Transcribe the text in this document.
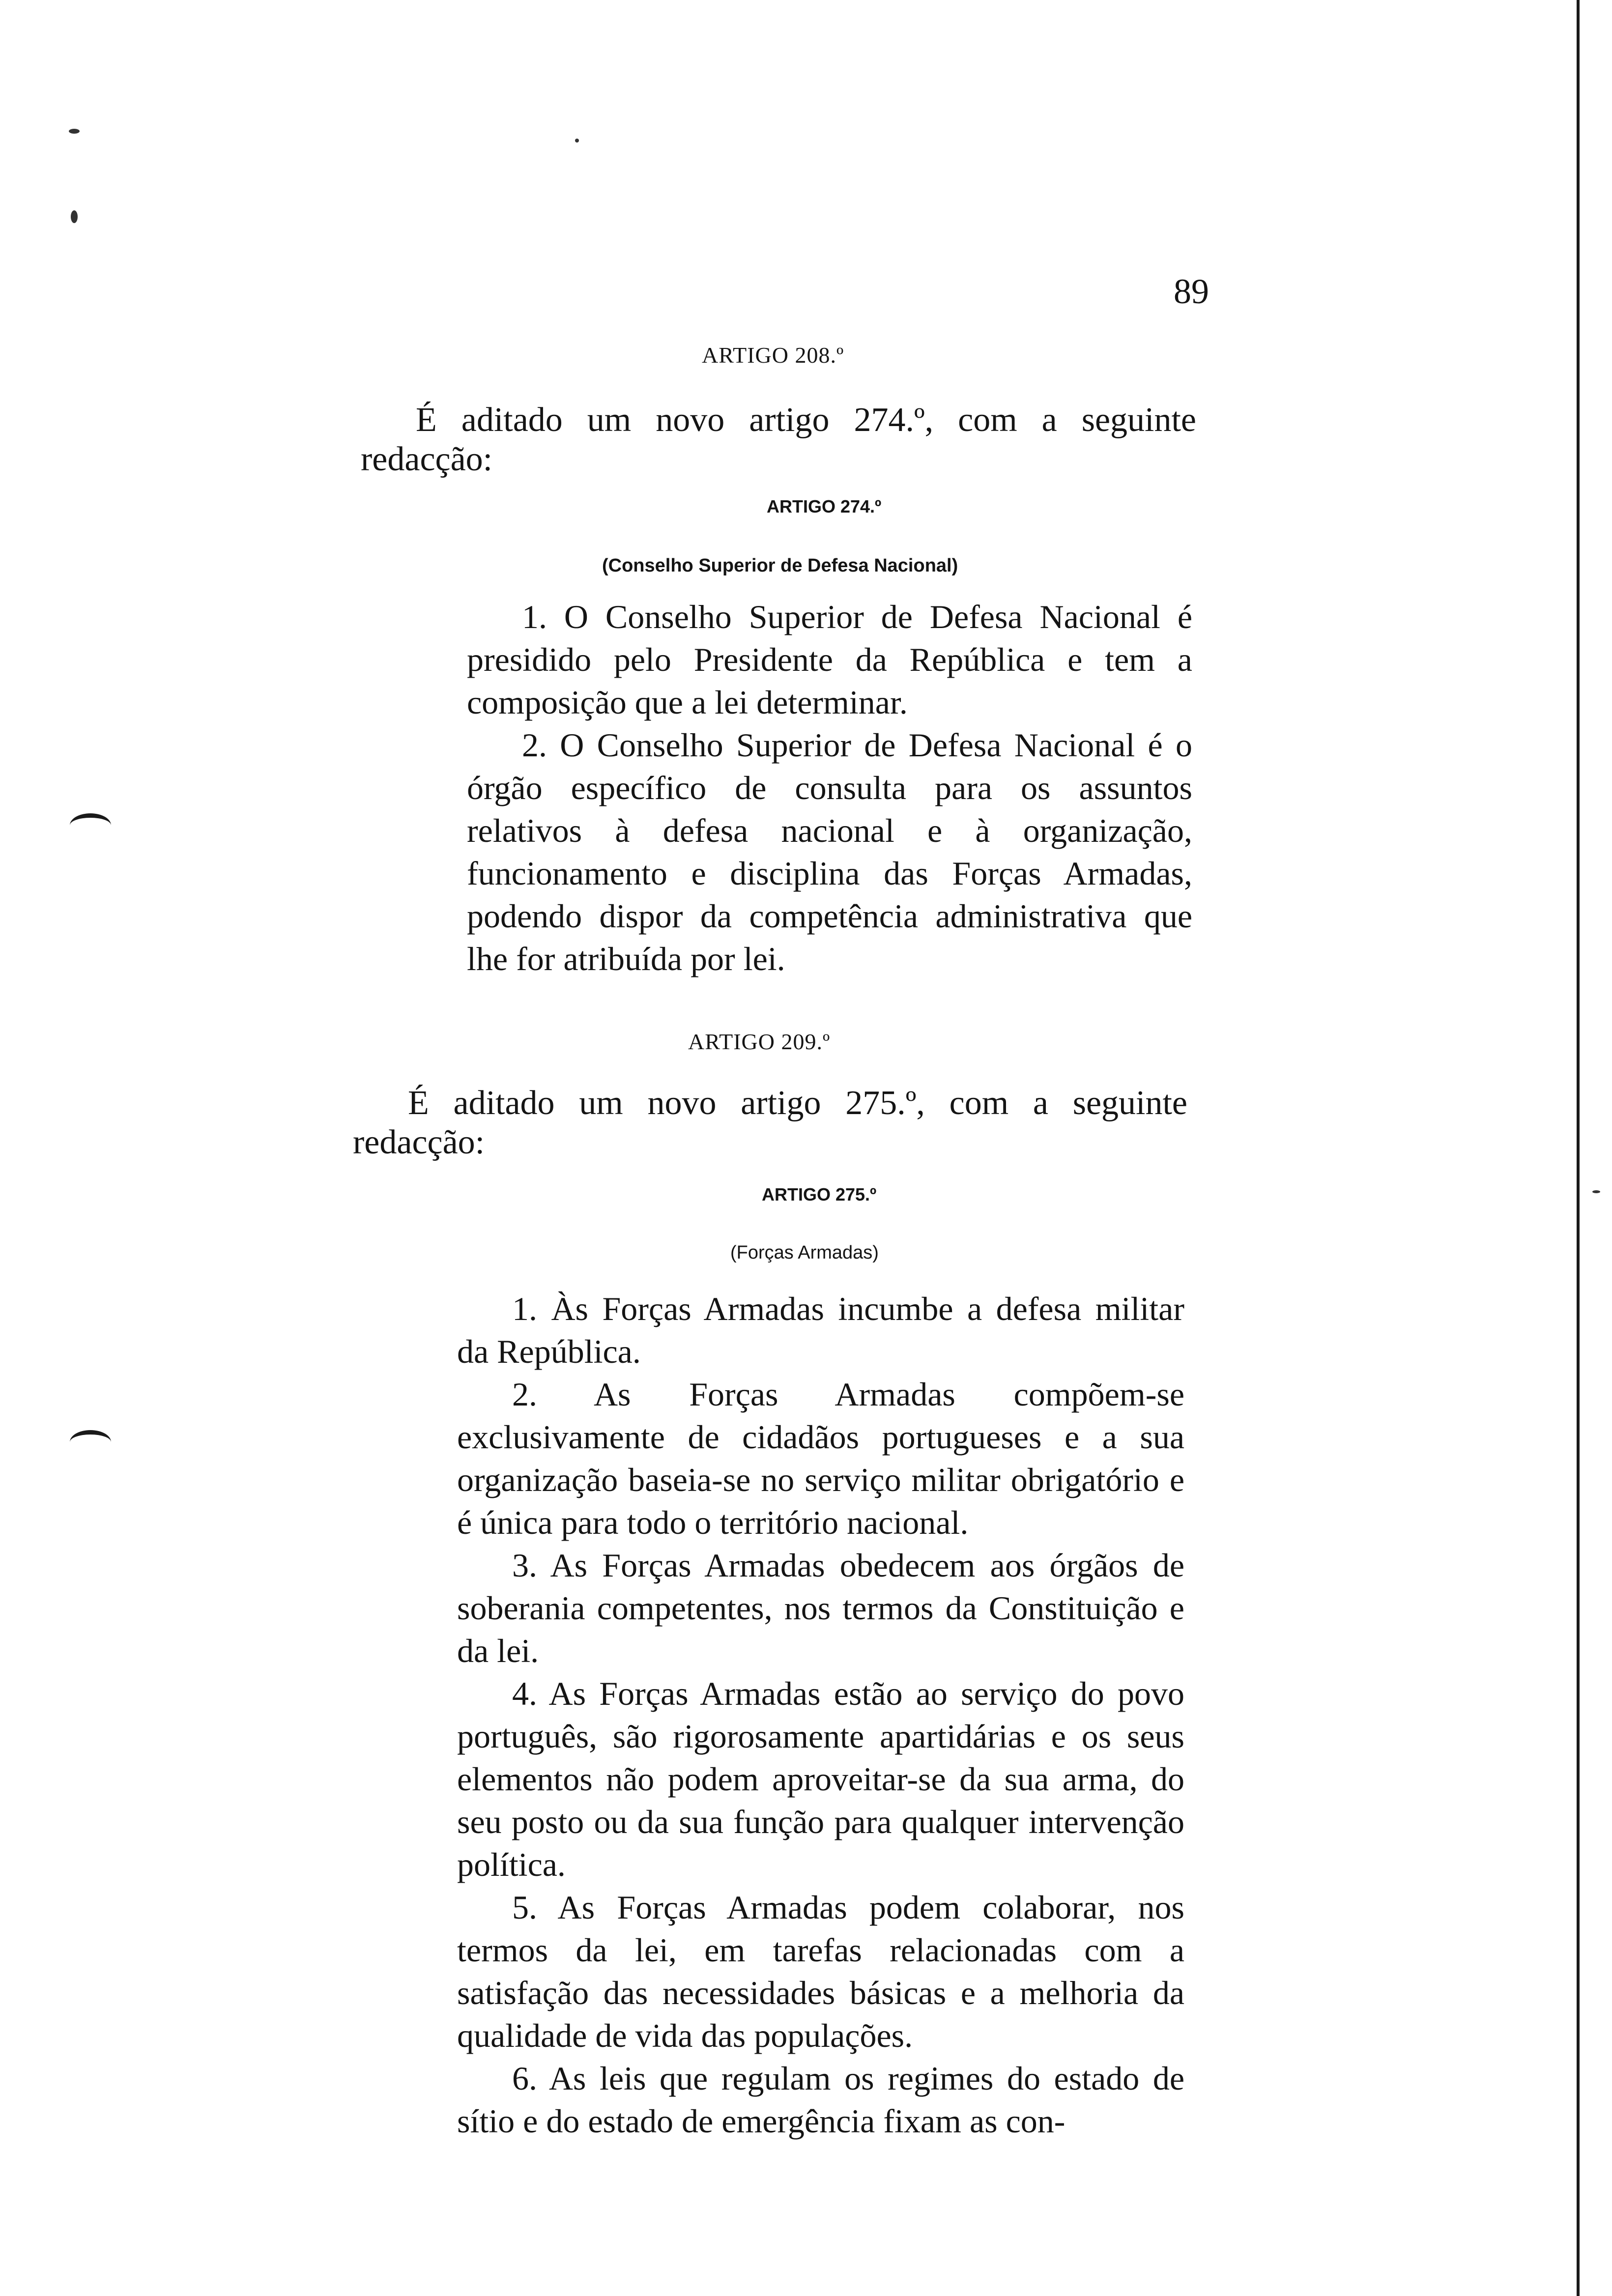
89
ARTIGO 208.º

É aditado um novo artigo 274.º, com a seguinte
redacção:

ARTIGO 274.º
(Conselho Superior de Defesa Nacional)
1. O Conselho Superior de Defesa Nacional é presidido pelo Presidente da República e tem a composição que a lei determinar.
2. O Conselho Superior de Defesa Nacional é o órgão específico de consulta para os assuntos relativos à defesa nacional e à organização, funcionamento e disciplina das Forças Armadas, podendo dispor da competência administrativa que lhe for atribuída por lei.
ARTIGO 209.º

É aditado um novo artigo 275.º, com a seguinte
redacção:

ARTIGO 275.º
(Forças Armadas)
1. Às Forças Armadas incumbe a defesa militar da República.
2. As Forças Armadas compõem-se exclusivamente de cidadãos portugueses e a sua organização baseia-se no serviço militar obrigatório e é única para todo o território nacional.
3. As Forças Armadas obedecem aos órgãos de soberania competentes, nos termos da Constituição e da lei.
4. As Forças Armadas estão ao serviço do povo português, são rigorosamente apartidárias e os seus elementos não podem aproveitar-se da sua arma, do seu posto ou da sua função para qualquer intervenção política.
5. As Forças Armadas podem colaborar, nos termos da lei, em tarefas relacionadas com a satisfação das necessidades básicas e a melhoria da qualidade de vida das populações.
6. As leis que regulam os regimes do estado de sítio e do estado de emergência fixam as con-
